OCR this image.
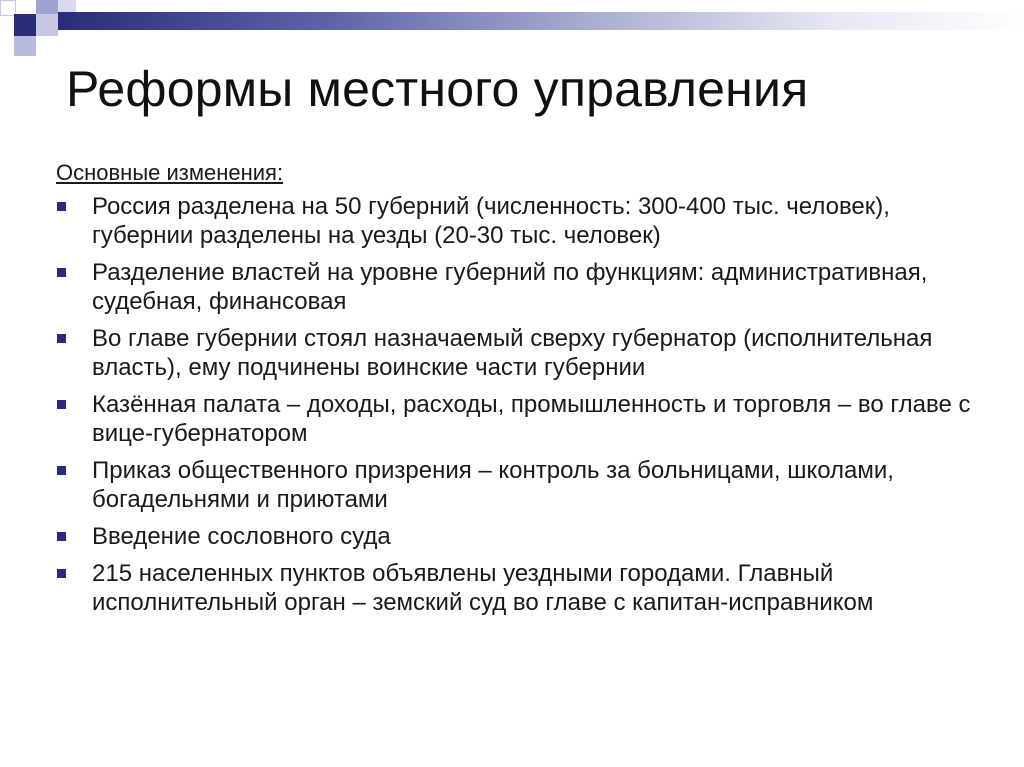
Реформы местного управления
Основные изменения:
Россия разделена на 50 губерний (численность: 300-400 тыс. человек), губернии разделены на уезды (20-30 тыс. человек)
Разделение властей на уровне губерний по функциям: административная, судебная, финансовая
Во главе губернии стоял назначаемый сверху губернатор (исполнительная власть), ему подчинены воинские части губернии
Казённая палата – доходы, расходы, промышленность и торговля – во главе с вице-губернатором
Приказ общественного призрения – контроль за больницами, школами, богадельнями и приютами
Введение сословного суда
215 населенных пунктов объявлены уездными городами. Главный исполнительный орган – земский суд во главе с капитан-исправником
